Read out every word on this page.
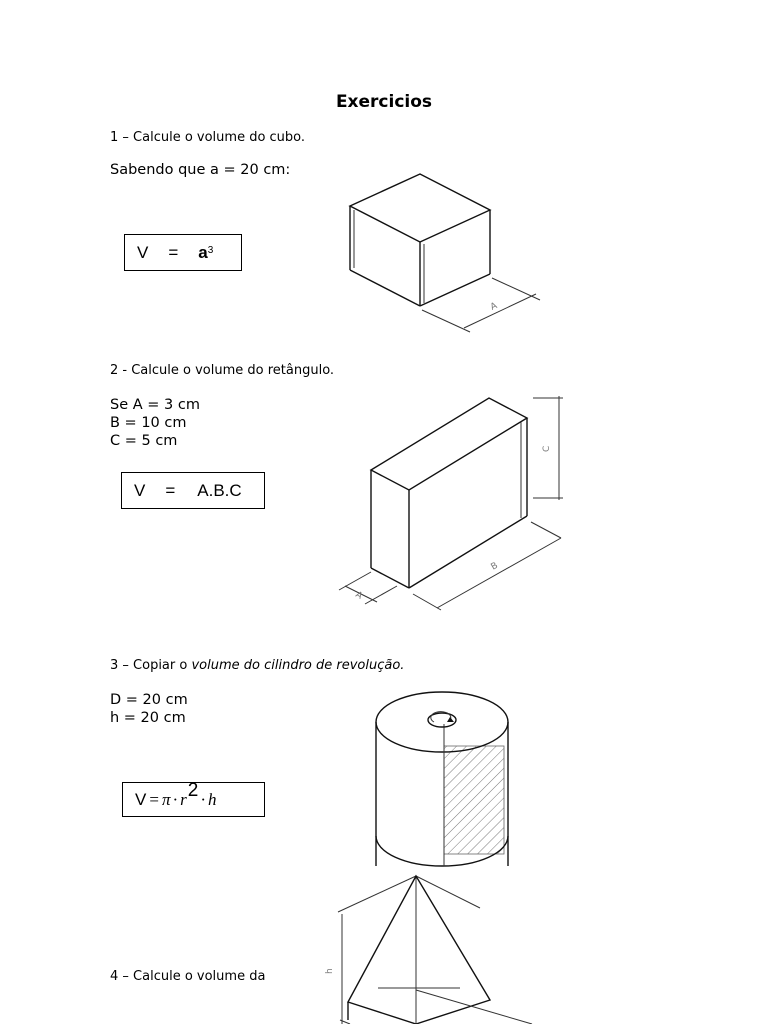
Exercicios
1 – Calcule o volume do cubo.
Sabendo que a = 20 cm:
$V = a^3$
A
2 - Calcule o volume do retângulo.
Se A = 3 cm
B = 10 cm
C = 5 cm
V = A.B.C
C
A
B
3 – Copiar o volume do cilindro de revolução.
D = 20 cm
h = 20 cm
V = π · r 2 · h
h
4 – Calcule o volume da
